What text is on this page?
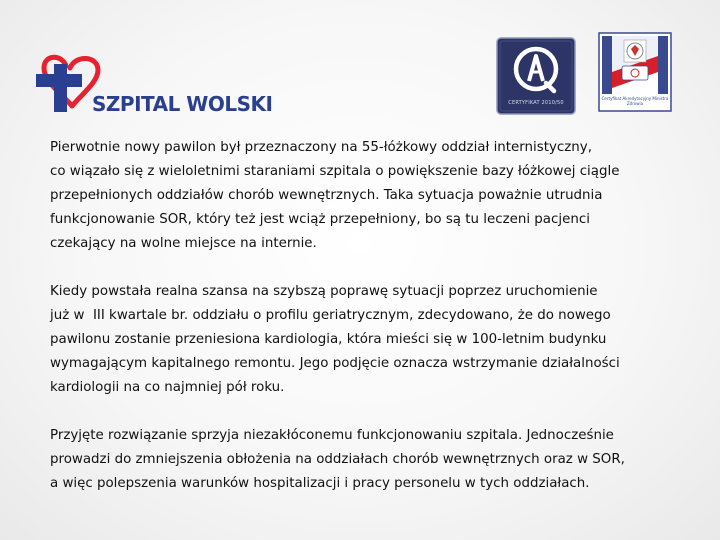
SZPITAL WOLSKI	CERTYFIKAT 2010/50
Certyfikat Akredytacyjny Ministra Zdrowia

Pierwotnie nowy pawilon był przeznaczony na 55-łóżkowy oddział internistyczny,
co wiązało się z wieloletnimi staraniami szpitala o powiększenie bazy łóżkowej ciągle
przepełnionych oddziałów chorób wewnętrznych. Taka sytuacja poważnie utrudnia
funkcjonowanie SOR, który też jest wciąż przepełniony, bo są tu leczeni pacjenci
czekający na wolne miejsce na internie.

Kiedy powstała realna szansa na szybszą poprawę sytuacji poprzez uruchomienie
już w  III kwartale br. oddziału o profilu geriatrycznym, zdecydowano, że do nowego
pawilonu zostanie przeniesiona kardiologia, która mieści się w 100-letnim budynku
wymagającym kapitalnego remontu. Jego podjęcie oznacza wstrzymanie działalności
kardiologii na co najmniej pół roku.

Przyjęte rozwiązanie sprzyja niezakłóconemu funkcjonowaniu szpitala. Jednocześnie
prowadzi do zmniejszenia obłożenia na oddziałach chorób wewnętrznych oraz w SOR,
a więc polepszenia warunków hospitalizacji i pracy personelu w tych oddziałach.
